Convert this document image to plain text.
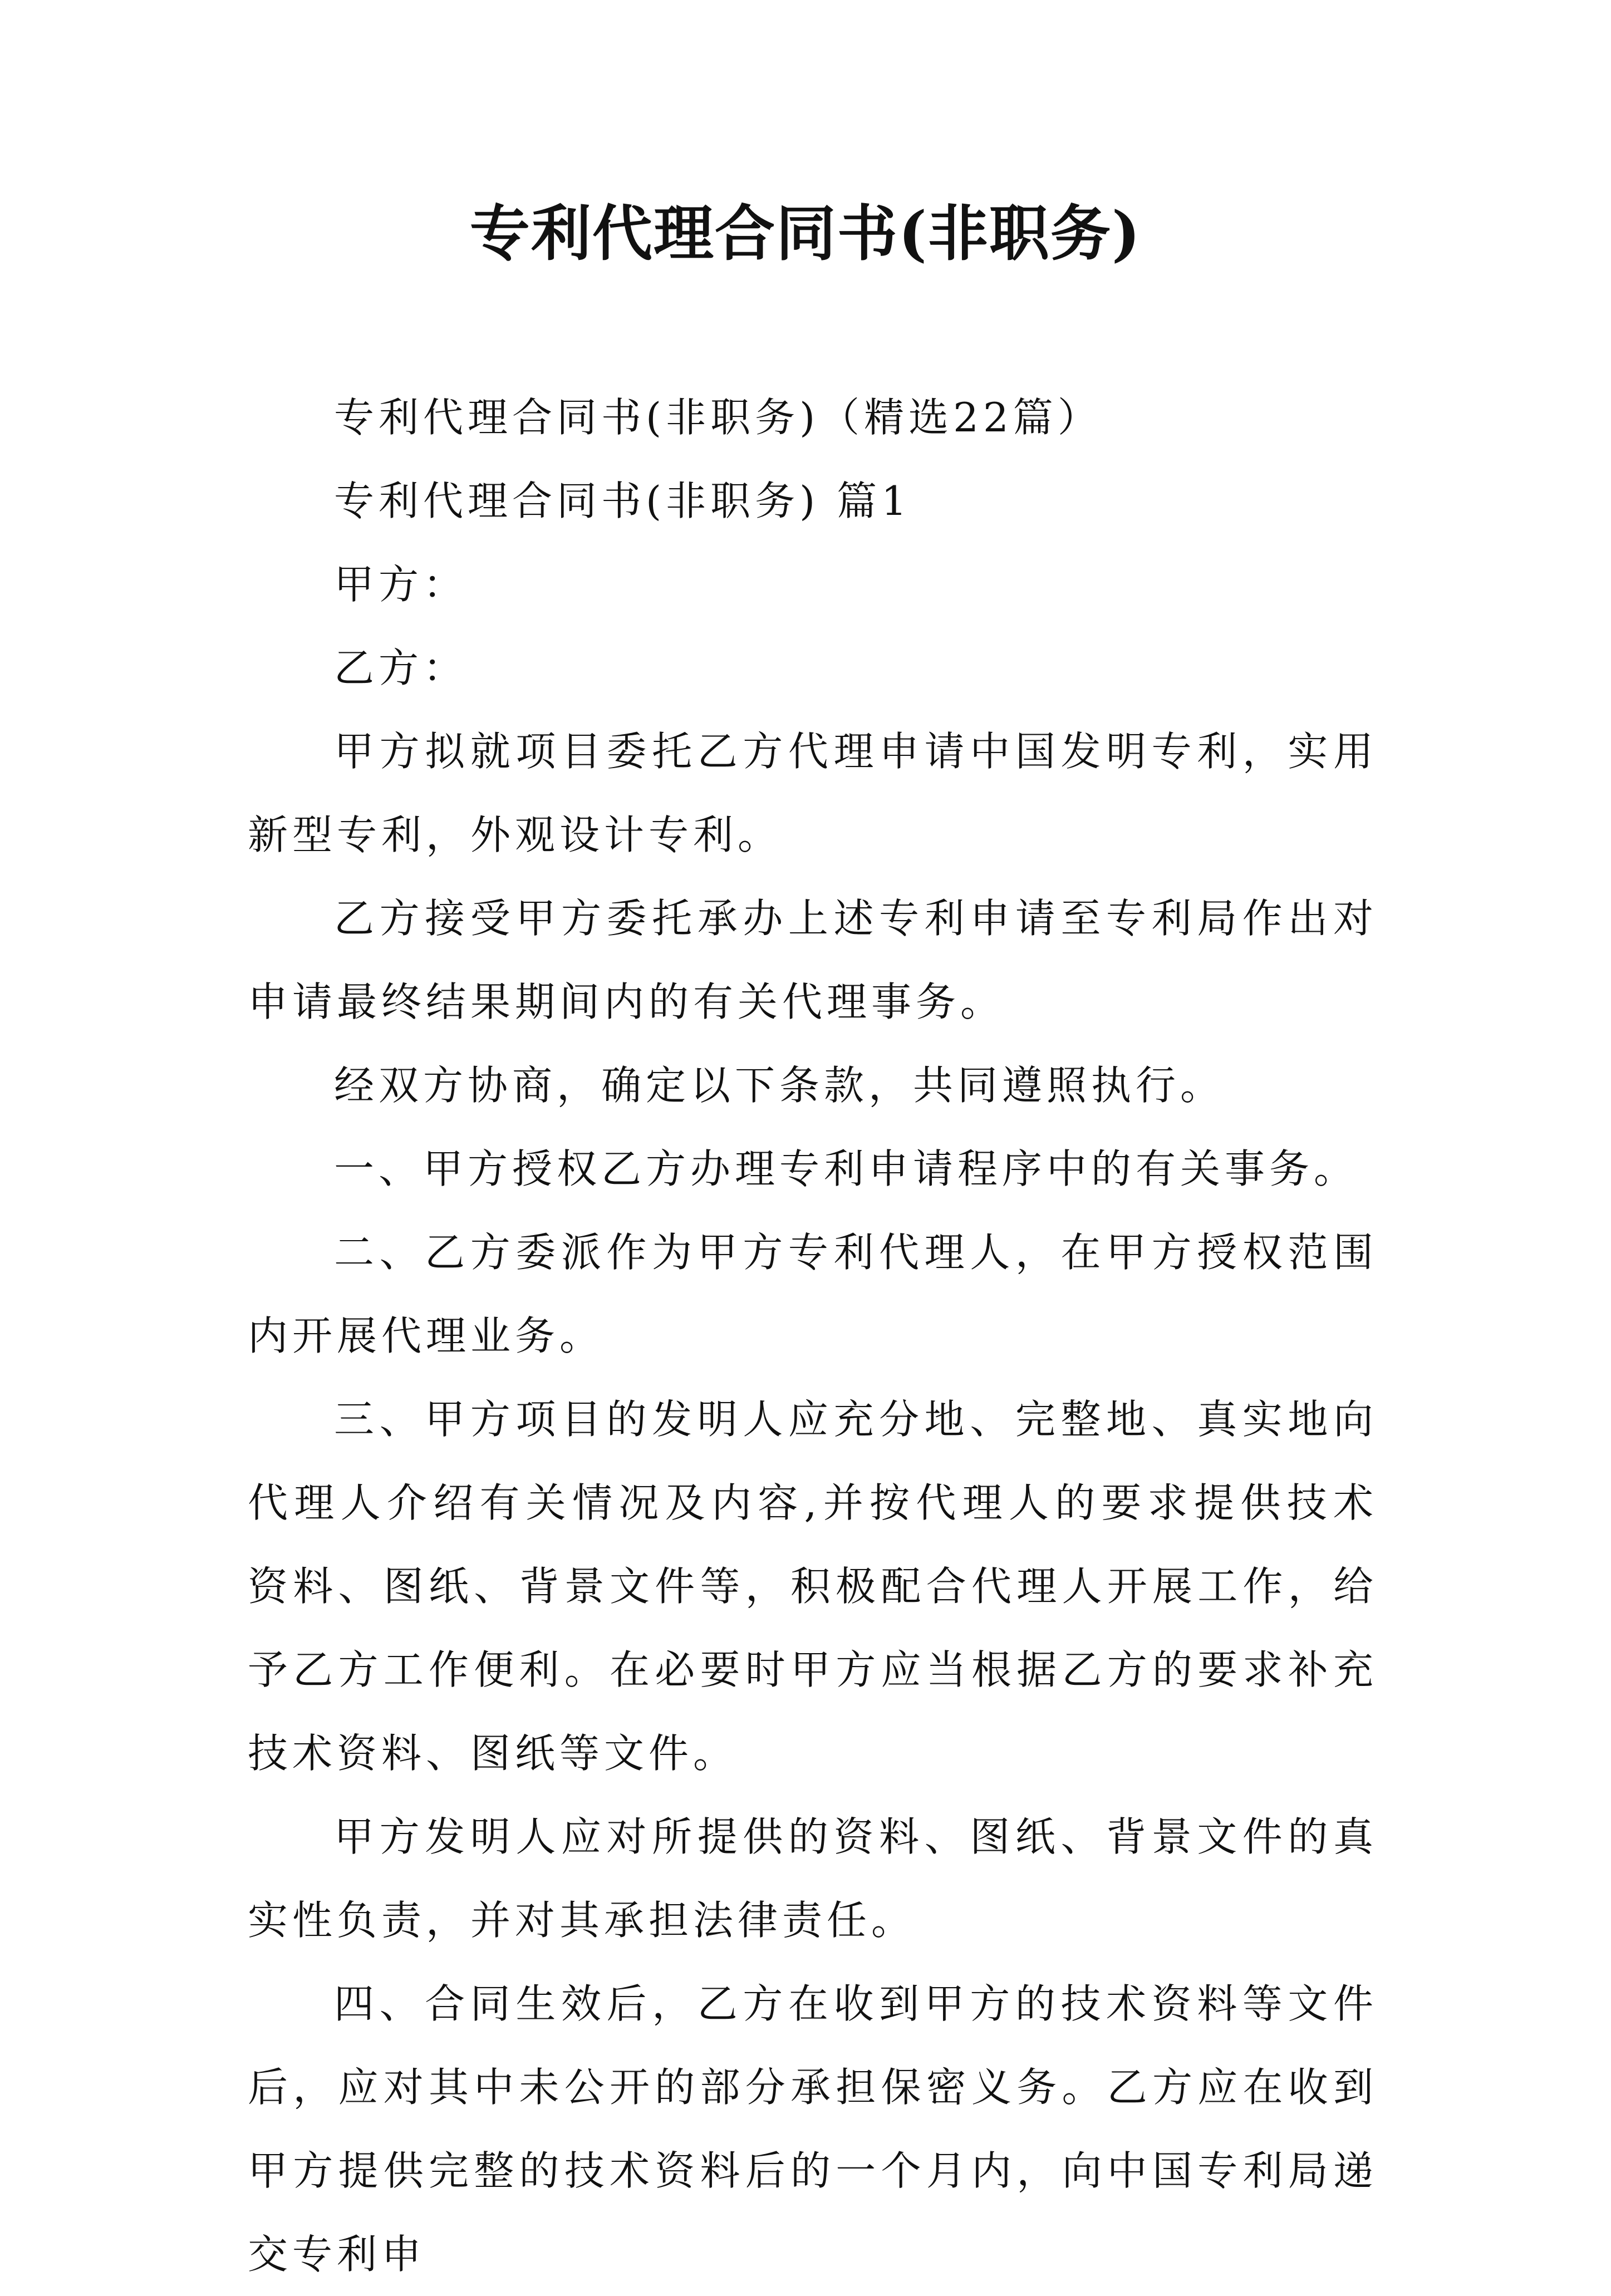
专利代理合同书(非职务)

专利代理合同书(非职务)（精选22篇）

专利代理合同书(非职务) 篇1

甲方：

乙方：

甲方拟就项目委托乙方代理申请中国发明专利，实用新型专利，外观设计专利。

乙方接受甲方委托承办上述专利申请至专利局作出对申请最终结果期间内的有关代理事务。

经双方协商，确定以下条款，共同遵照执行。

一、甲方授权乙方办理专利申请程序中的有关事务。

二、乙方委派作为甲方专利代理人，在甲方授权范围内开展代理业务。

三、甲方项目的发明人应充分地、完整地、真实地向代理人介绍有关情况及内容,并按代理人的要求提供技术资料、图纸、背景文件等，积极配合代理人开展工作，给予乙方工作便利。在必要时甲方应当根据乙方的要求补充技术资料、图纸等文件。

甲方发明人应对所提供的资料、图纸、背景文件的真实性负责，并对其承担法律责任。

四、合同生效后，乙方在收到甲方的技术资料等文件后，应对其中未公开的部分承担保密义务。乙方应在收到甲方提供完整的技术资料后的一个月内，向中国专利局递交专利申
